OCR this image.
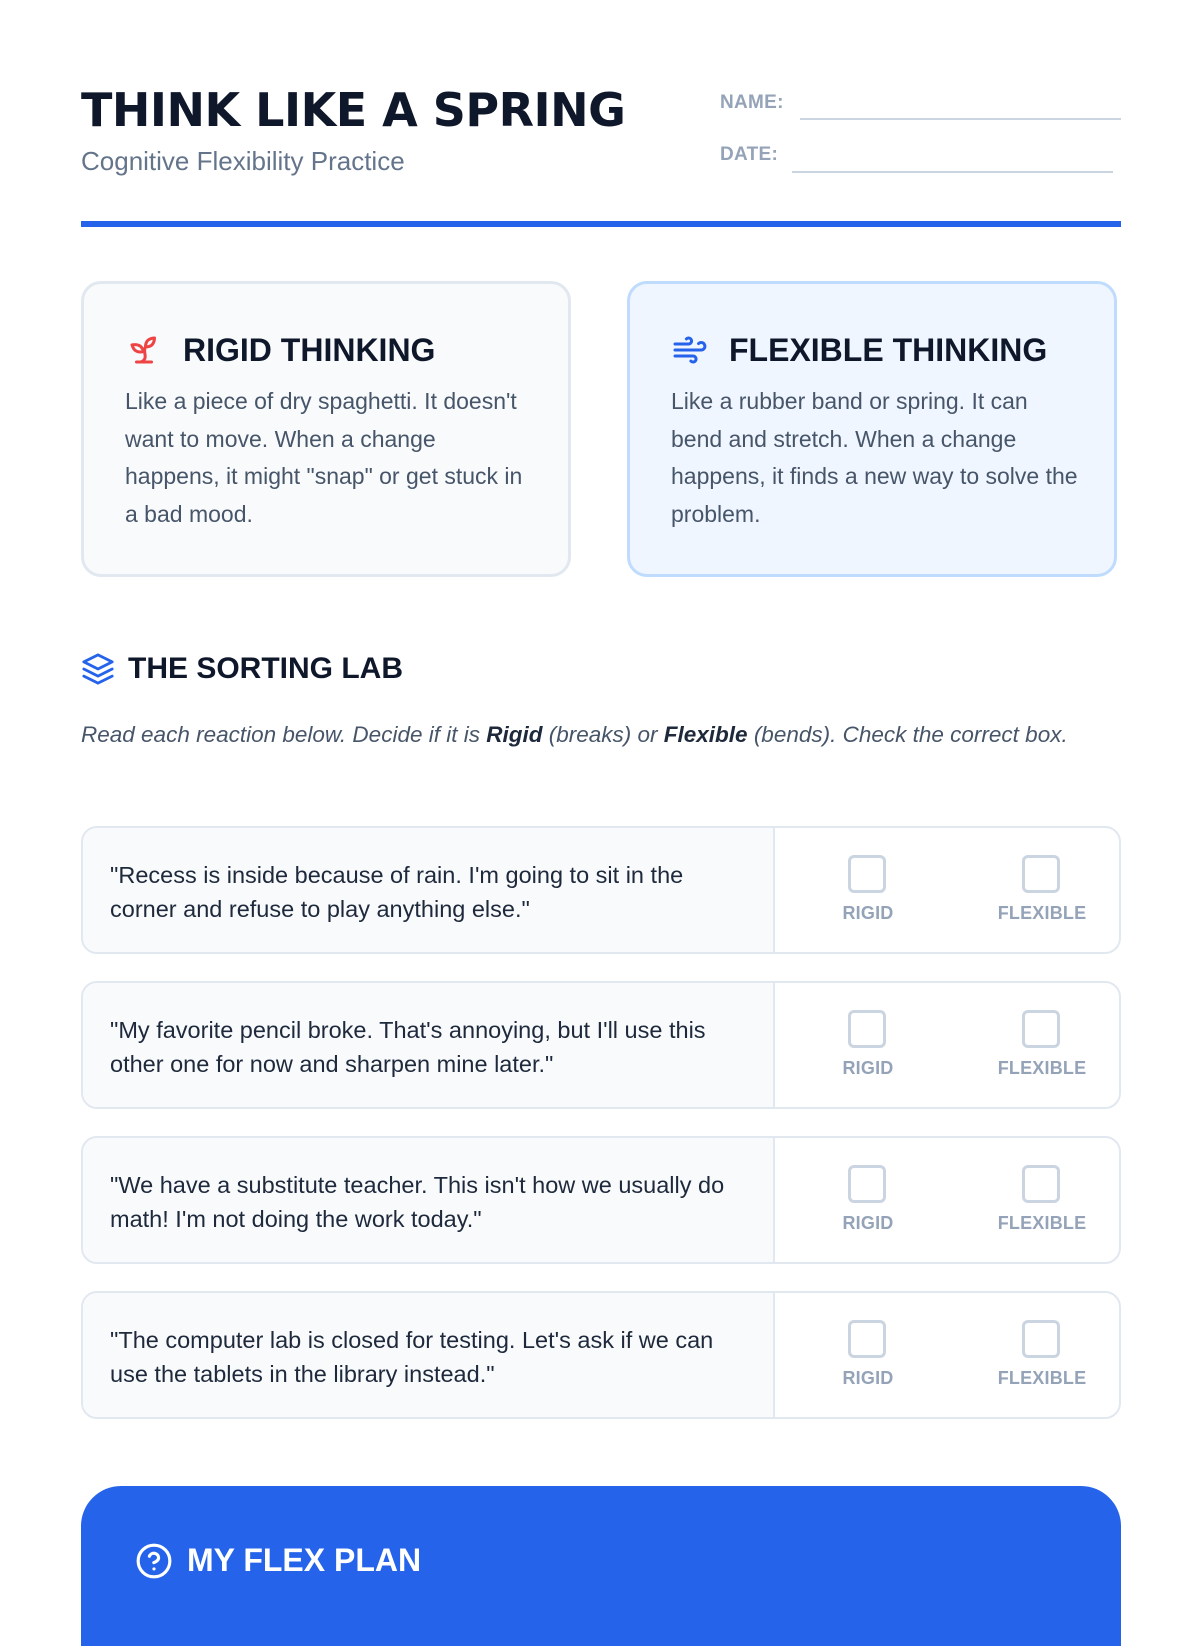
THINK LIKE A SPRING
Cognitive Flexibility Practice
NAME:
DATE:
RIGID THINKING

Like a piece of dry spaghetti. It doesn't want to move. When a change happens, it might "snap" or get stuck in a bad mood.

FLEXIBLE THINKING

Like a rubber band or spring. It can bend and stretch. When a change happens, it finds a new way to solve the problem.

THE SORTING LAB

Read each reaction below. Decide if it is Rigid (breaks) or Flexible (bends). Check the correct box.

"Recess is inside because of rain. I'm going to sit in the corner and refuse to play anything else."	RIGID	FLEXIBLE
"My favorite pencil broke. That's annoying, but I'll use this other one for now and sharpen mine later."	RIGID	FLEXIBLE
"We have a substitute teacher. This isn't how we usually do math! I'm not doing the work today."	RIGID	FLEXIBLE
"The computer lab is closed for testing. Let's ask if we can use the tablets in the library instead."	RIGID	FLEXIBLE
MY FLEX PLAN
